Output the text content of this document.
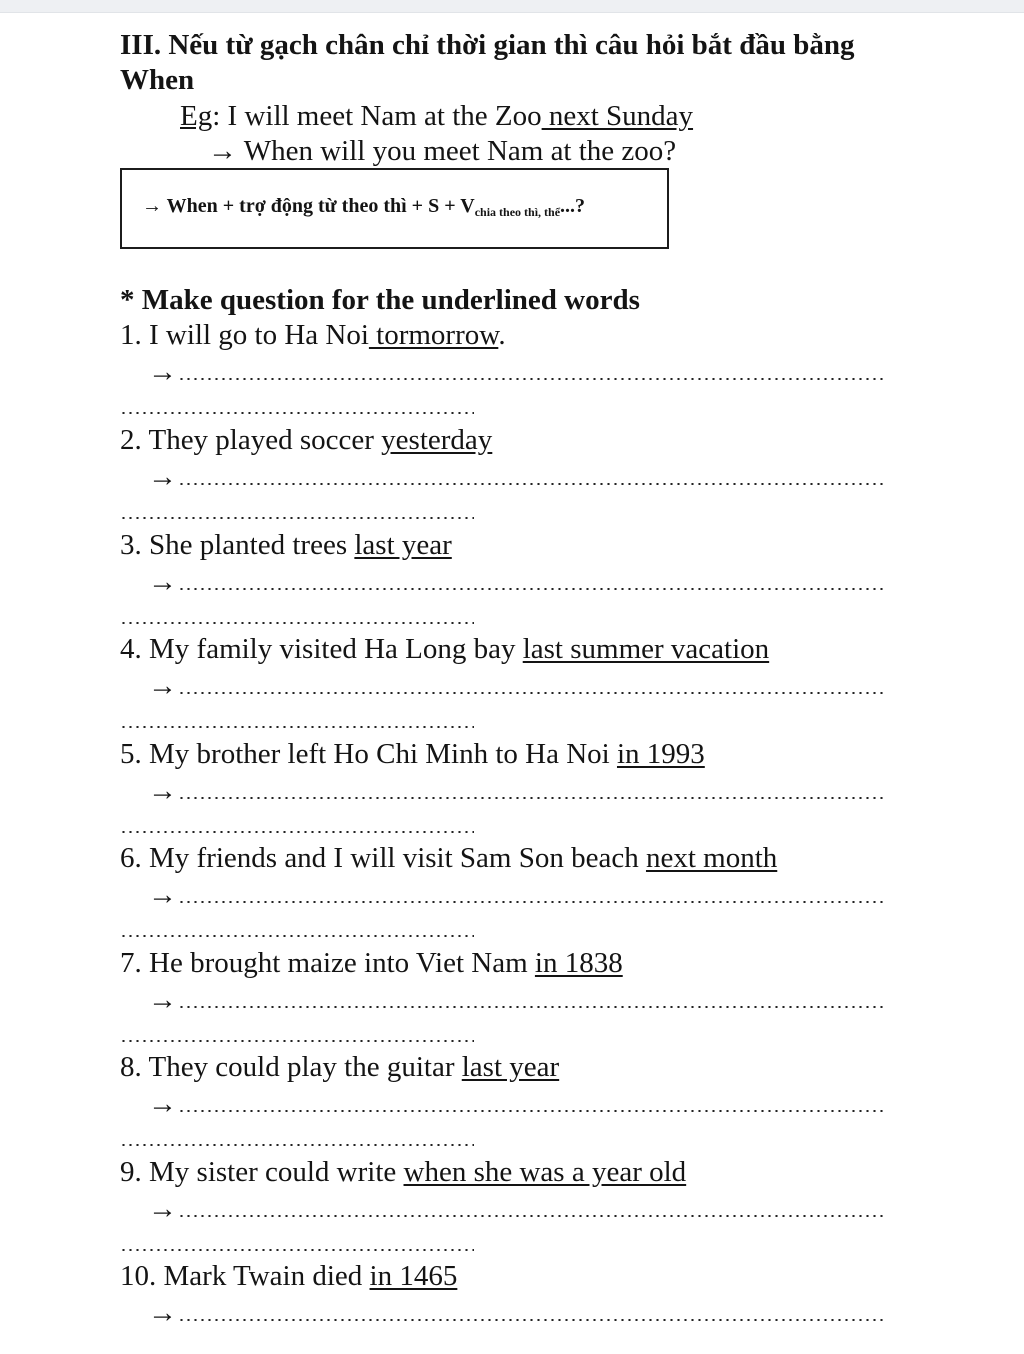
III. Nếu từ gạch chân chỉ thời gian thì câu hỏi bắt đầu bằng When
Eg: I will meet Nam at the Zoo next Sunday
→ When will you meet Nam at the zoo?
→ When + trợ động từ theo thì + $S + V_{chia theo thì, thể}$...?
* Make question for the underlined words
1. I will go to Ha Noi tormorrow.
→
2. They played soccer yesterday
→
3. She planted trees last year
→
4. My family visited Ha Long bay last summer vacation
→
5. My brother left Ho Chi Minh to Ha Noi in 1993
→
6. My friends and I will visit Sam Son beach next month
→
7. He brought maize into Viet Nam in 1838
→
8. They could play the guitar last year
→
9. My sister could write when she was a year old
→
10. Mark Twain died in 1465
→
